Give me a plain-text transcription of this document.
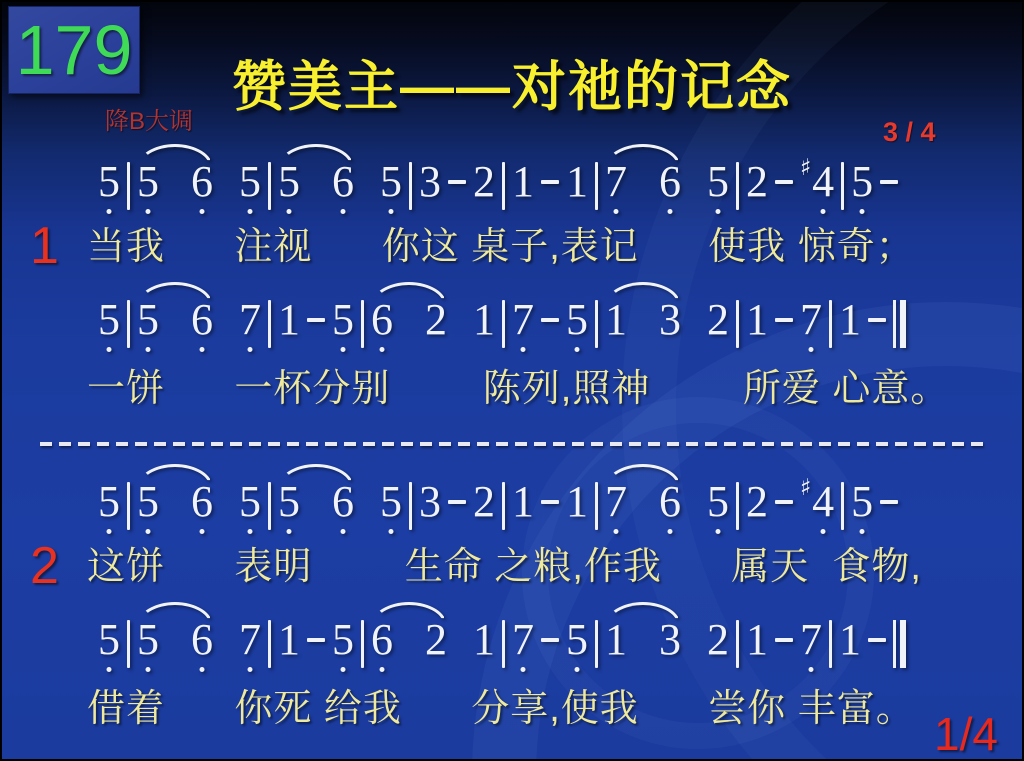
179 赞美主——对祂的记念
降B大调	3 / 4
5 5 6 5 5 6 5 3 2 1 1 7 6 5 2 ♯ 4 5
1 当我      注视      你这 桌子,表记      使我 惊奇；
5 5 6 7 1 5 6 2 1 7 5 1 3 2 1 7 1
一饼      一杯分别        陈列,照神        所爱 心意。
5 5 6 5 5 6 5 3 2 1 1 7 6 5 2 ♯ 4 5
2 这饼      表明        生命 之粮,作我      属天  食物,
5 5 6 7 1 5 6 2 1 7 5 1 3 2 1 7 1
借着      你死 给我      分享,使我      尝你 丰富。 1/4
